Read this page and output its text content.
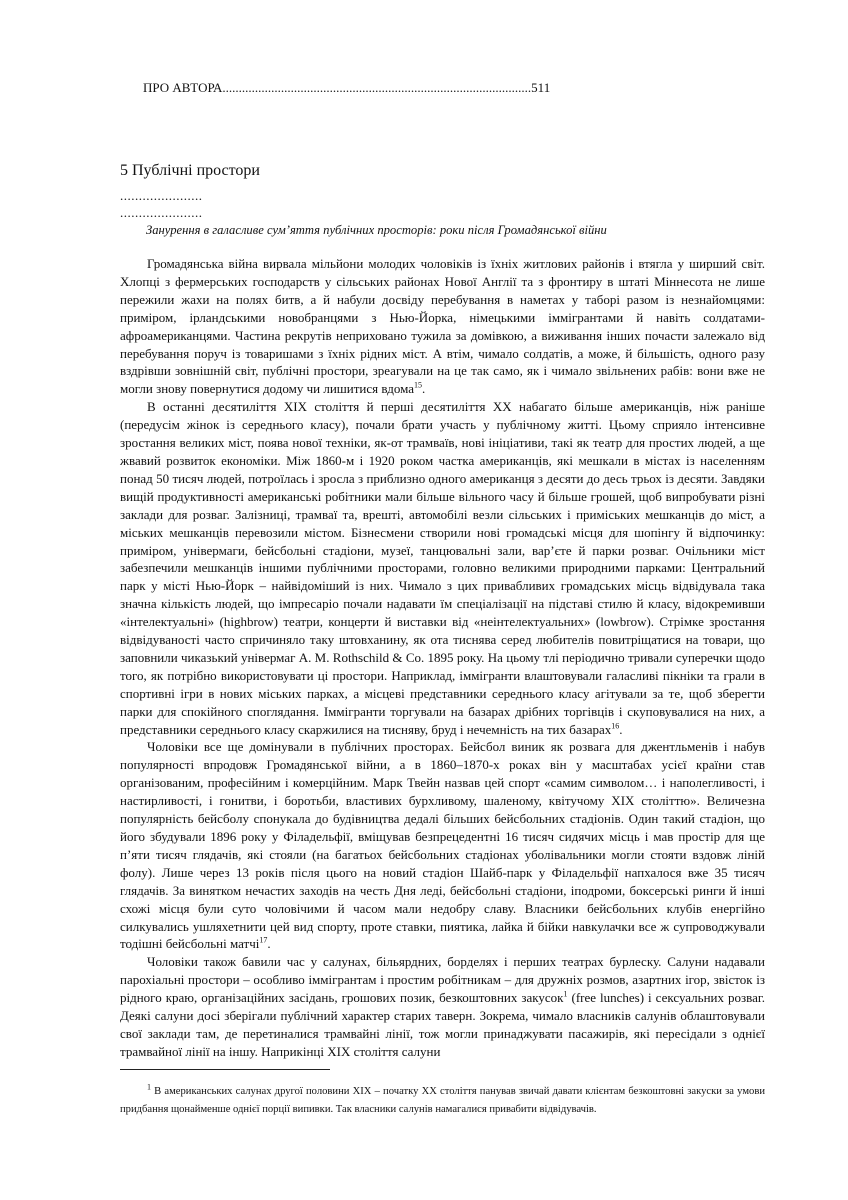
ПРО АВТОРА...............................................................................................511
5 Публічні простори
......................
......................
Занурення в галасливе сум’яття публічних просторів: роки після Громадянської війни

Громадянська війна вирвала мільйони молодих чоловіків із їхніх житлових районів і втягла у ширший світ. Хлопці з фермерських господарств у сільських районах Нової Англії та з фронтиру в штаті Міннесота не лише пережили жахи на полях битв, а й набули досвіду перебування в наметах у таборі разом із незнайомцями: приміром, ірландськими новобранцями з Нью-Йорка, німецькими іммігрантами й навіть солдатами-афроамериканцями. Частина рекрутів неприховано тужила за домівкою, а виживання інших почасти залежало від перебування поруч із товаришами з їхніх рідних міст. А втім, чимало солдатів, а може, й більшість, одного разу вздрівши зовнішній світ, публічні простори, зреагували на це так само, як і чимало звільнених рабів: вони вже не могли знову повернутися додому чи лишитися вдома$^{15}$.

В останні десятиліття XIX століття й перші десятиліття XX набагато більше американців, ніж раніше (передусім жінок із середнього класу), почали брати участь у публічному житті. Цьому сприяло інтенсивне зростання великих міст, поява нової техніки, як-от трамваїв, нові ініціативи, такі як театр для простих людей, а ще жвавий розвиток економіки. Між 1860-м і 1920 роком частка американців, які мешкали в містах із населенням понад 50 тисяч людей, потроїлась і зросла з приблизно одного американця з десяти до десь трьох із десяти. Завдяки вищій продуктивності американські робітники мали більше вільного часу й більше грошей, щоб випробувати різні заклади для розваг. Залізниці, трамваї та, врешті, автомобілі везли сільських і приміських мешканців до міст, а міських мешканців перевозили містом. Бізнесмени створили нові громадські місця для шопінгу й відпочинку: приміром, універмаги, бейсбольні стадіони, музеї, танцювальні зали, вар’єте й парки розваг. Очільники міст забезпечили мешканців іншими публічними просторами, головно великими природними парками: Центральний парк у місті Нью-Йорк – найвідоміший із них. Чимало з цих привабливих громадських місць відвідувала така значна кількість людей, що імпресаріо почали надавати їм спеціалізації на підставі стилю й класу, відокремивши «інтелектуальні» (highbrow) театри, концерти й виставки від «неінтелектуальних» (lowbrow). Стрімке зростання відвідуваності часто спричиняло таку штовханину, як ота тиснява серед любителів повитріщатися на товари, що заповнили чиказький універмаг A. M. Rothschild & Co. 1895 року. На цьому тлі періодично тривали суперечки щодо того, як потрібно використовувати ці простори. Наприклад, іммігранти влаштовували галасливі пікніки та грали в спортивні ігри в нових міських парках, а місцеві представники середнього класу агітували за те, щоб зберегти парки для спокійного споглядання. Іммігранти торгували на базарах дрібних торгівців і скуповувалися на них, а представники середнього класу скаржилися на тисняву, бруд і нечемність на тих базарах$^{16}$.

Чоловіки все ще домінували в публічних просторах. Бейсбол виник як розвага для джентльменів і набув популярності впродовж Громадянської війни, а в 1860–1870-х роках він у масштабах усієї країни став організованим, професійним і комерційним. Марк Твейн назвав цей спорт «самим символом… і наполегливості, і настирливості, і гонитви, і боротьби, властивих бурхливому, шаленому, квітучому XIX століттю». Величезна популярність бейсболу спонукала до будівництва дедалі більших бейсбольних стадіонів. Один такий стадіон, що його збудували 1896 року у Філадельфії, вміщував безпрецедентні 16 тисяч сидячих місць і мав простір для ще п’яти тисяч глядачів, які стояли (на багатьох бейсбольних стадіонах уболівальники могли стояти вздовж ліній фолу). Лише через 13 років після цього на новий стадіон Шайб-парк у Філадельфії напхалося вже 35 тисяч глядачів. За винятком нечастих заходів на честь Дня леді, бейсбольні стадіони, іподроми, боксерські ринги й інші схожі місця були суто чоловічими й часом мали недобру славу. Власники бейсбольних клубів енергійно силкувались ушляхетнити цей вид спорту, проте ставки, пиятика, лайка й бійки навкулачки все ж супроводжували тодішні бейсбольні матчі$^{17}$.

Чоловіки також бавили час у салунах, більярдних, борделях і перших театрах бурлеску. Салуни надавали парохіальні простори – особливо іммігрантам і простим робітникам – для дружніх розмов, азартних ігор, звісток із рідного краю, організаційних засідань, грошових позик, безкоштовних закусок$^1$ (free lunches) і сексуальних розваг. Деякі салуни досі зберігали публічний характер старих таверн. Зокрема, чимало власників салунів облаштовували свої заклади там, де перетиналися трамвайні лінії, тож могли принаджувати пасажирів, які пересідали з однієї трамвайної лінії на іншу. Наприкінці XIX століття салуни

$^1$ В американських салунах другої половини XIX – початку XX століття панував звичай давати клієнтам безкоштовні закуски за умови придбання щонайменше однієї порції випивки. Так власники салунів намагалися привабити відвідувачів.
